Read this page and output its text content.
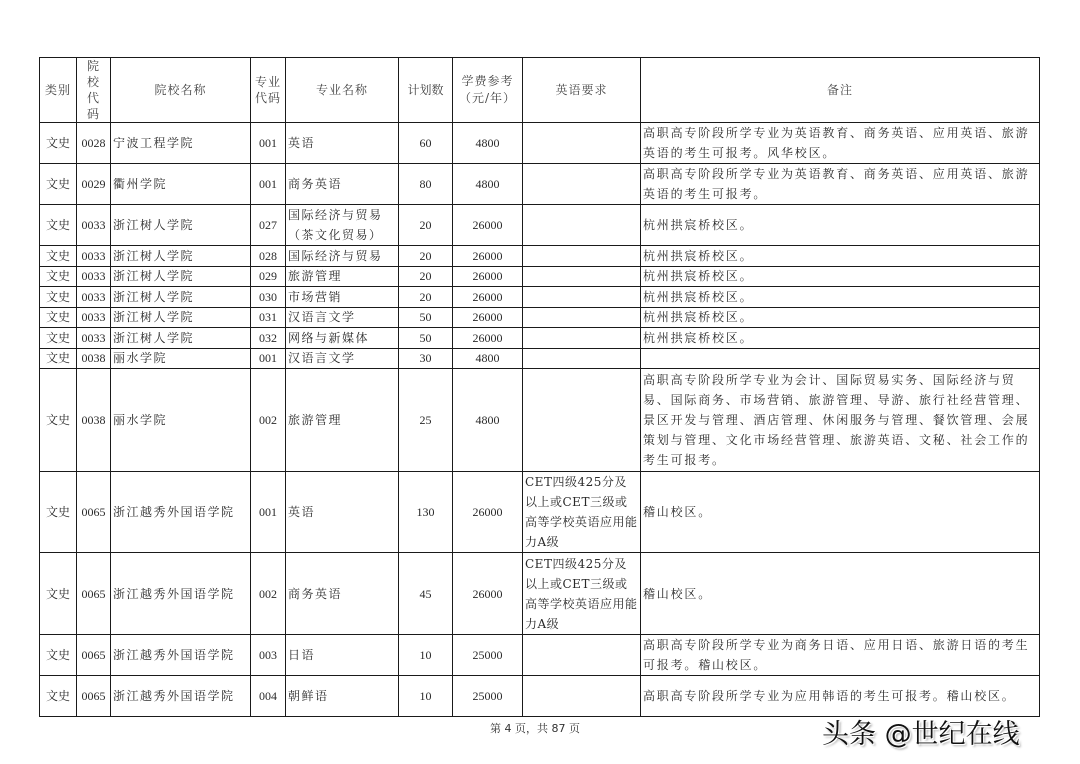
类别	院校代码	院校名称	专业代码	专业名称	计划数	学费参考（元/年）	英语要求	备注
文史	0028	宁波工程学院	001	英语	60	4800		高职高专阶段所学专业为英语教育、商务英语、应用英语、旅游英语的考生可报考。风华校区。
文史	0029	衢州学院	001	商务英语	80	4800		高职高专阶段所学专业为英语教育、商务英语、应用英语、旅游英语的考生可报考。
文史	0033	浙江树人学院	027	国际经济与贸易（茶文化贸易）	20	26000		杭州拱宸桥校区。
文史	0033	浙江树人学院	028	国际经济与贸易	20	26000		杭州拱宸桥校区。
文史	0033	浙江树人学院	029	旅游管理	20	26000		杭州拱宸桥校区。
文史	0033	浙江树人学院	030	市场营销	20	26000		杭州拱宸桥校区。
文史	0033	浙江树人学院	031	汉语言文学	50	26000		杭州拱宸桥校区。
文史	0033	浙江树人学院	032	网络与新媒体	50	26000		杭州拱宸桥校区。
文史	0038	丽水学院	001	汉语言文学	30	4800		
文史	0038	丽水学院	002	旅游管理	25	4800		高职高专阶段所学专业为会计、国际贸易实务、国际经济与贸易、国际商务、市场营销、旅游管理、导游、旅行社经营管理、景区开发与管理、酒店管理、休闲服务与管理、餐饮管理、会展策划与管理、文化市场经营管理、旅游英语、文秘、社会工作的考生可报考。
文史	0065	浙江越秀外国语学院	001	英语	130	26000	CET四级425分及以上或CET三级或高等学校英语应用能力A级	稽山校区。
文史	0065	浙江越秀外国语学院	002	商务英语	45	26000	CET四级425分及以上或CET三级或高等学校英语应用能力A级	稽山校区。
文史	0065	浙江越秀外国语学院	003	日语	10	25000		高职高专阶段所学专业为商务日语、应用日语、旅游日语的考生可报考。稽山校区。
文史	0065	浙江越秀外国语学院	004	朝鲜语	10	25000		高职高专阶段所学专业为应用韩语的考生可报考。稽山校区。
第 4 页，共 87 页	头条 @世纪在线
